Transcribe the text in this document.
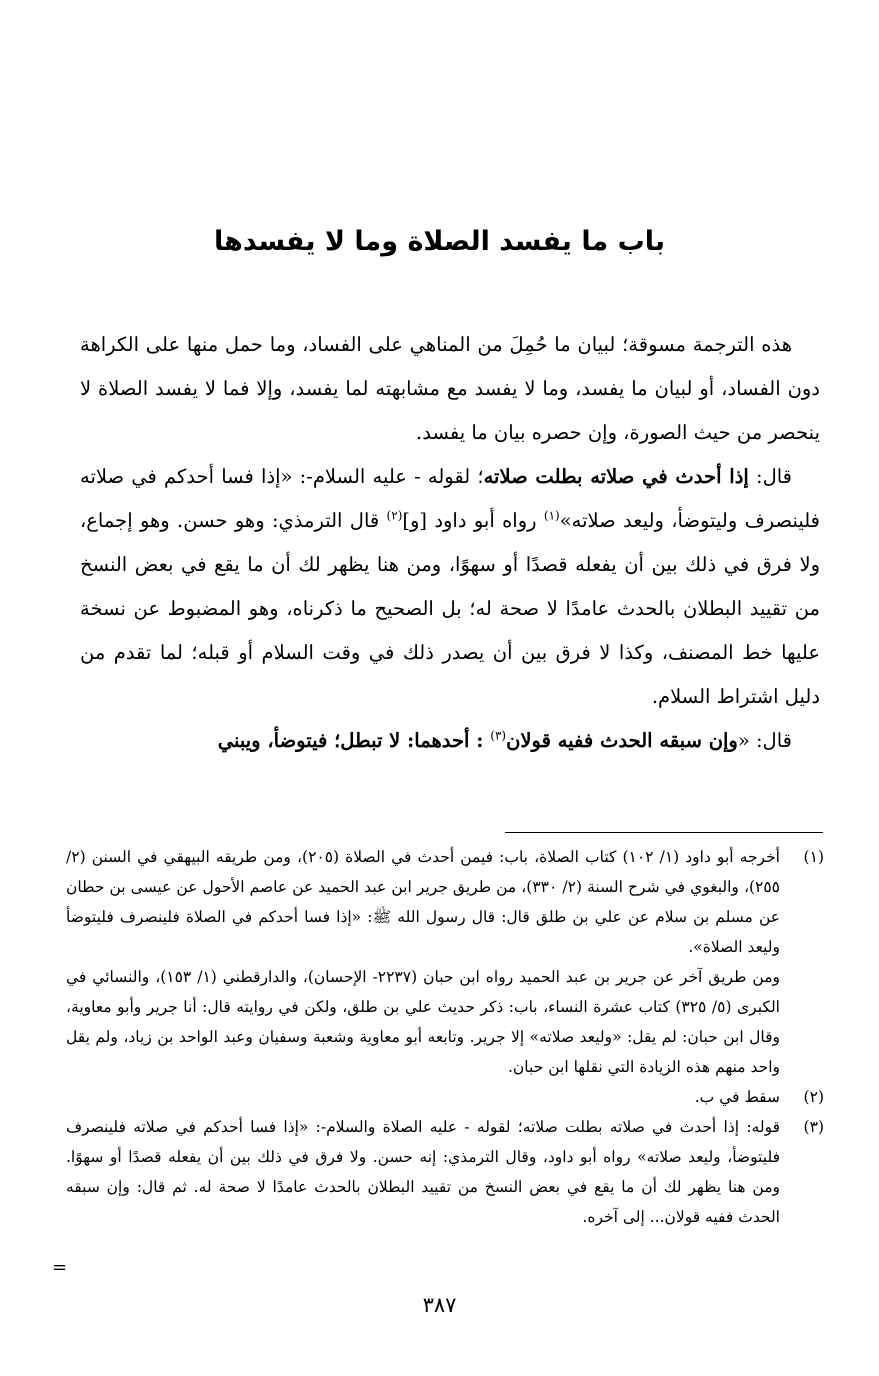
باب ما يفسد الصلاة وما لا يفسدها

هذه الترجمة مسوقة؛ لبيان ما حُمِلَ من المناهي على الفساد، وما حمل منها على الكراهة دون الفساد، أو لبيان ما يفسد، وما لا يفسد مع مشابهته لما يفسد، وإلا فما لا يفسد الصلاة لا ينحصر من حيث الصورة، وإن حصره بيان ما يفسد.

قال: إذا أحدث في صلاته بطلت صلاته؛ لقوله - عليه السلام-: «إذا فسا أحدكم في صلاته فلينصرف وليتوضأ، وليعد صلاته»$^{(١)}$ رواه أبو داود [و]$^{(٢)}$ قال الترمذي: وهو حسن. وهو إجماع، ولا فرق في ذلك بين أن يفعله قصدًا أو سهوًا، ومن هنا يظهر لك أن ما يقع في بعض النسخ من تقييد البطلان بالحدث عامدًا لا صحة له؛ بل الصحيح ما ذكرناه، وهو المضبوط عن نسخة عليها خط المصنف، وكذا لا فرق بين أن يصدر ذلك في وقت السلام أو قبله؛ لما تقدم من دليل اشتراط السلام.

قال: «وإن سبقه الحدث ففيه قولان$^{(٣)}$ : أحدهما: لا تبطل؛ فيتوضأ، ويبني

(١)

أخرجه أبو داود (١/ ١٠٢) كتاب الصلاة، باب: فيمن أحدث في الصلاة (٢٠٥)، ومن طريقه البيهقي في السنن (٢/ ٢٥٥)، والبغوي في شرح السنة (٢/ ٣٣٠)، من طريق جرير ابن عبد الحميد عن عاصم الأحول عن عيسى بن حطان عن مسلم بن سلام عن علي بن طلق قال: قال رسول الله ﷺ: «إذا فسا أحدكم في الصلاة فلينصرف فليتوضأ وليعد الصلاة».

ومن طريق آخر عن جرير بن عبد الحميد رواه ابن حبان (٢٢٣٧- الإحسان)، والدارقطني (١/ ١٥٣)، والنسائي في الكبرى (٥/ ٣٢٥) كتاب عشرة النساء، باب: ذكر حديث علي بن طلق، ولكن في روايته قال: أنا جرير وأبو معاوية، وقال ابن حبان: لم يقل: «وليعد صلاته» إلا جرير. وتابعه أبو معاوية وشعبة وسفيان وعبد الواحد بن زياد، ولم يقل واحد منهم هذه الزيادة التي نقلها ابن حبان.

(٢)

سقط في ب.

(٣)

قوله: إذا أحدث في صلاته بطلت صلاته؛ لقوله - عليه الصلاة والسلام-: «إذا فسا أحدكم في صلاته فلينصرف فليتوضأ، وليعد صلاته» رواه أبو داود، وقال الترمذي: إنه حسن. ولا فرق في ذلك بين أن يفعله قصدًا أو سهوًا. ومن هنا يظهر لك أن ما يقع في بعض النسخ من تقييد البطلان بالحدث عامدًا لا صحة له. ثم قال: وإن سبقه الحدث ففيه قولان... إلى آخره.

=
٣٨٧
